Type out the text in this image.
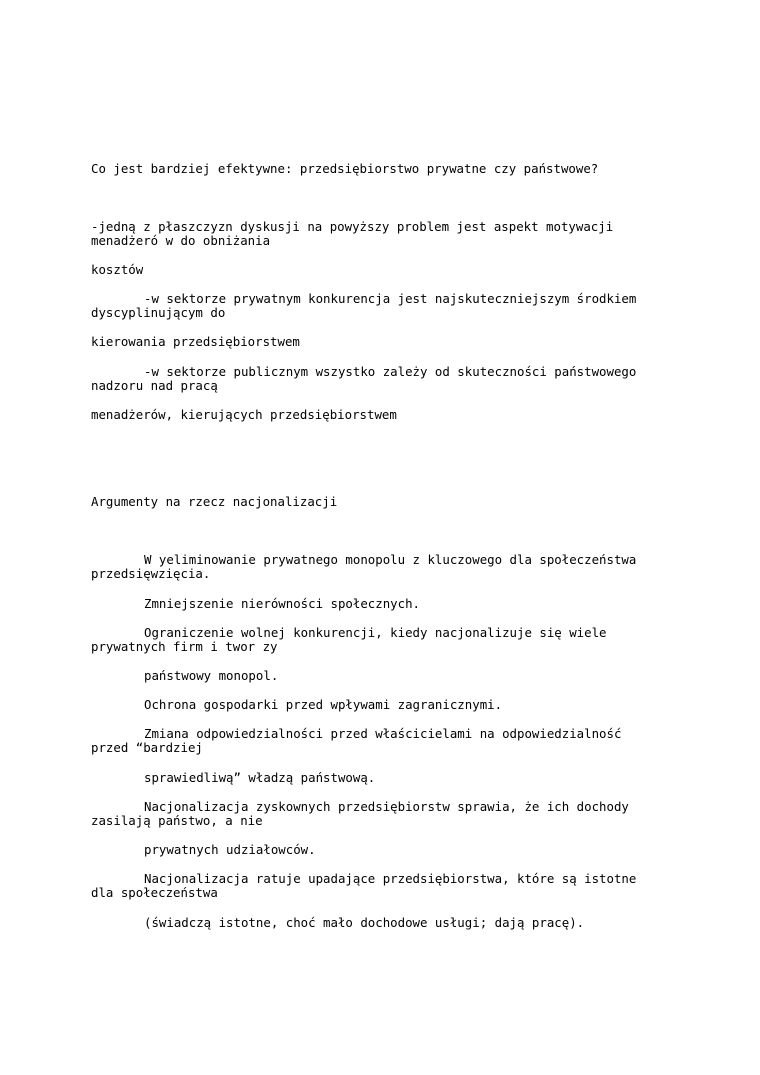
Co jest bardziej efektywne: przedsiębiorstwo prywatne czy państwowe?

-jedną z płaszczyzn dyskusji na powyższy problem jest aspekt motywacji

menadżeró w do obniżania

kosztów

-w sektorze prywatnym konkurencja jest najskuteczniejszym środkiem

dyscyplinującym do

kierowania przedsiębiorstwem

-w sektorze publicznym wszystko zależy od skuteczności państwowego

nadzoru nad pracą

menadżerów, kierujących przedsiębiorstwem

Argumenty na rzecz nacjonalizacji

W yeliminowanie prywatnego monopolu z kluczowego dla społeczeństwa

przedsięwzięcia.

Zmniejszenie nierówności społecznych.

Ograniczenie wolnej konkurencji, kiedy nacjonalizuje się wiele

prywatnych firm i twor zy

państwowy monopol.

Ochrona gospodarki przed wpływami zagranicznymi.

Zmiana odpowiedzialności przed właścicielami na odpowiedzialność

przed “bardziej

sprawiedliwą” władzą państwową.

Nacjonalizacja zyskownych przedsiębiorstw sprawia, że ich dochody

zasilają państwo, a nie

prywatnych udziałowców.

Nacjonalizacja ratuje upadające przedsiębiorstwa, które są istotne

dla społeczeństwa

(świadczą istotne, choć mało dochodowe usługi; dają pracę).
